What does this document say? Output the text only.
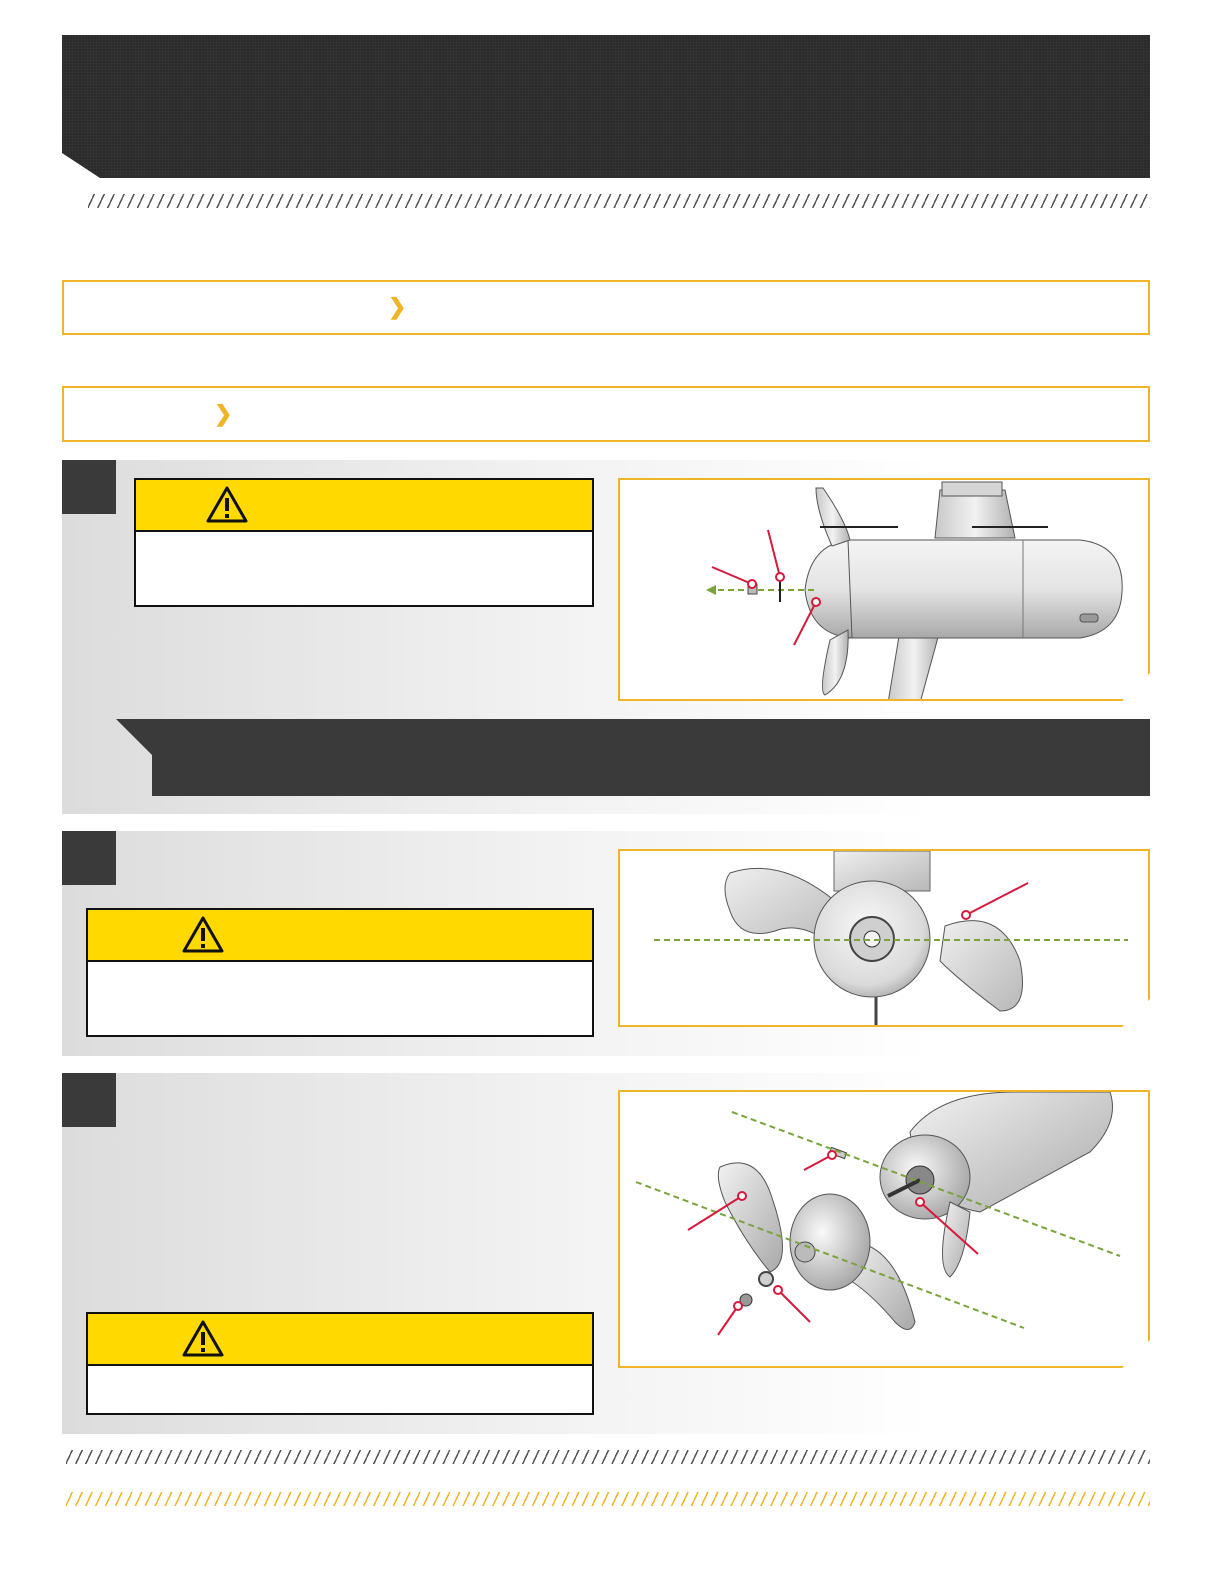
❯
❯
